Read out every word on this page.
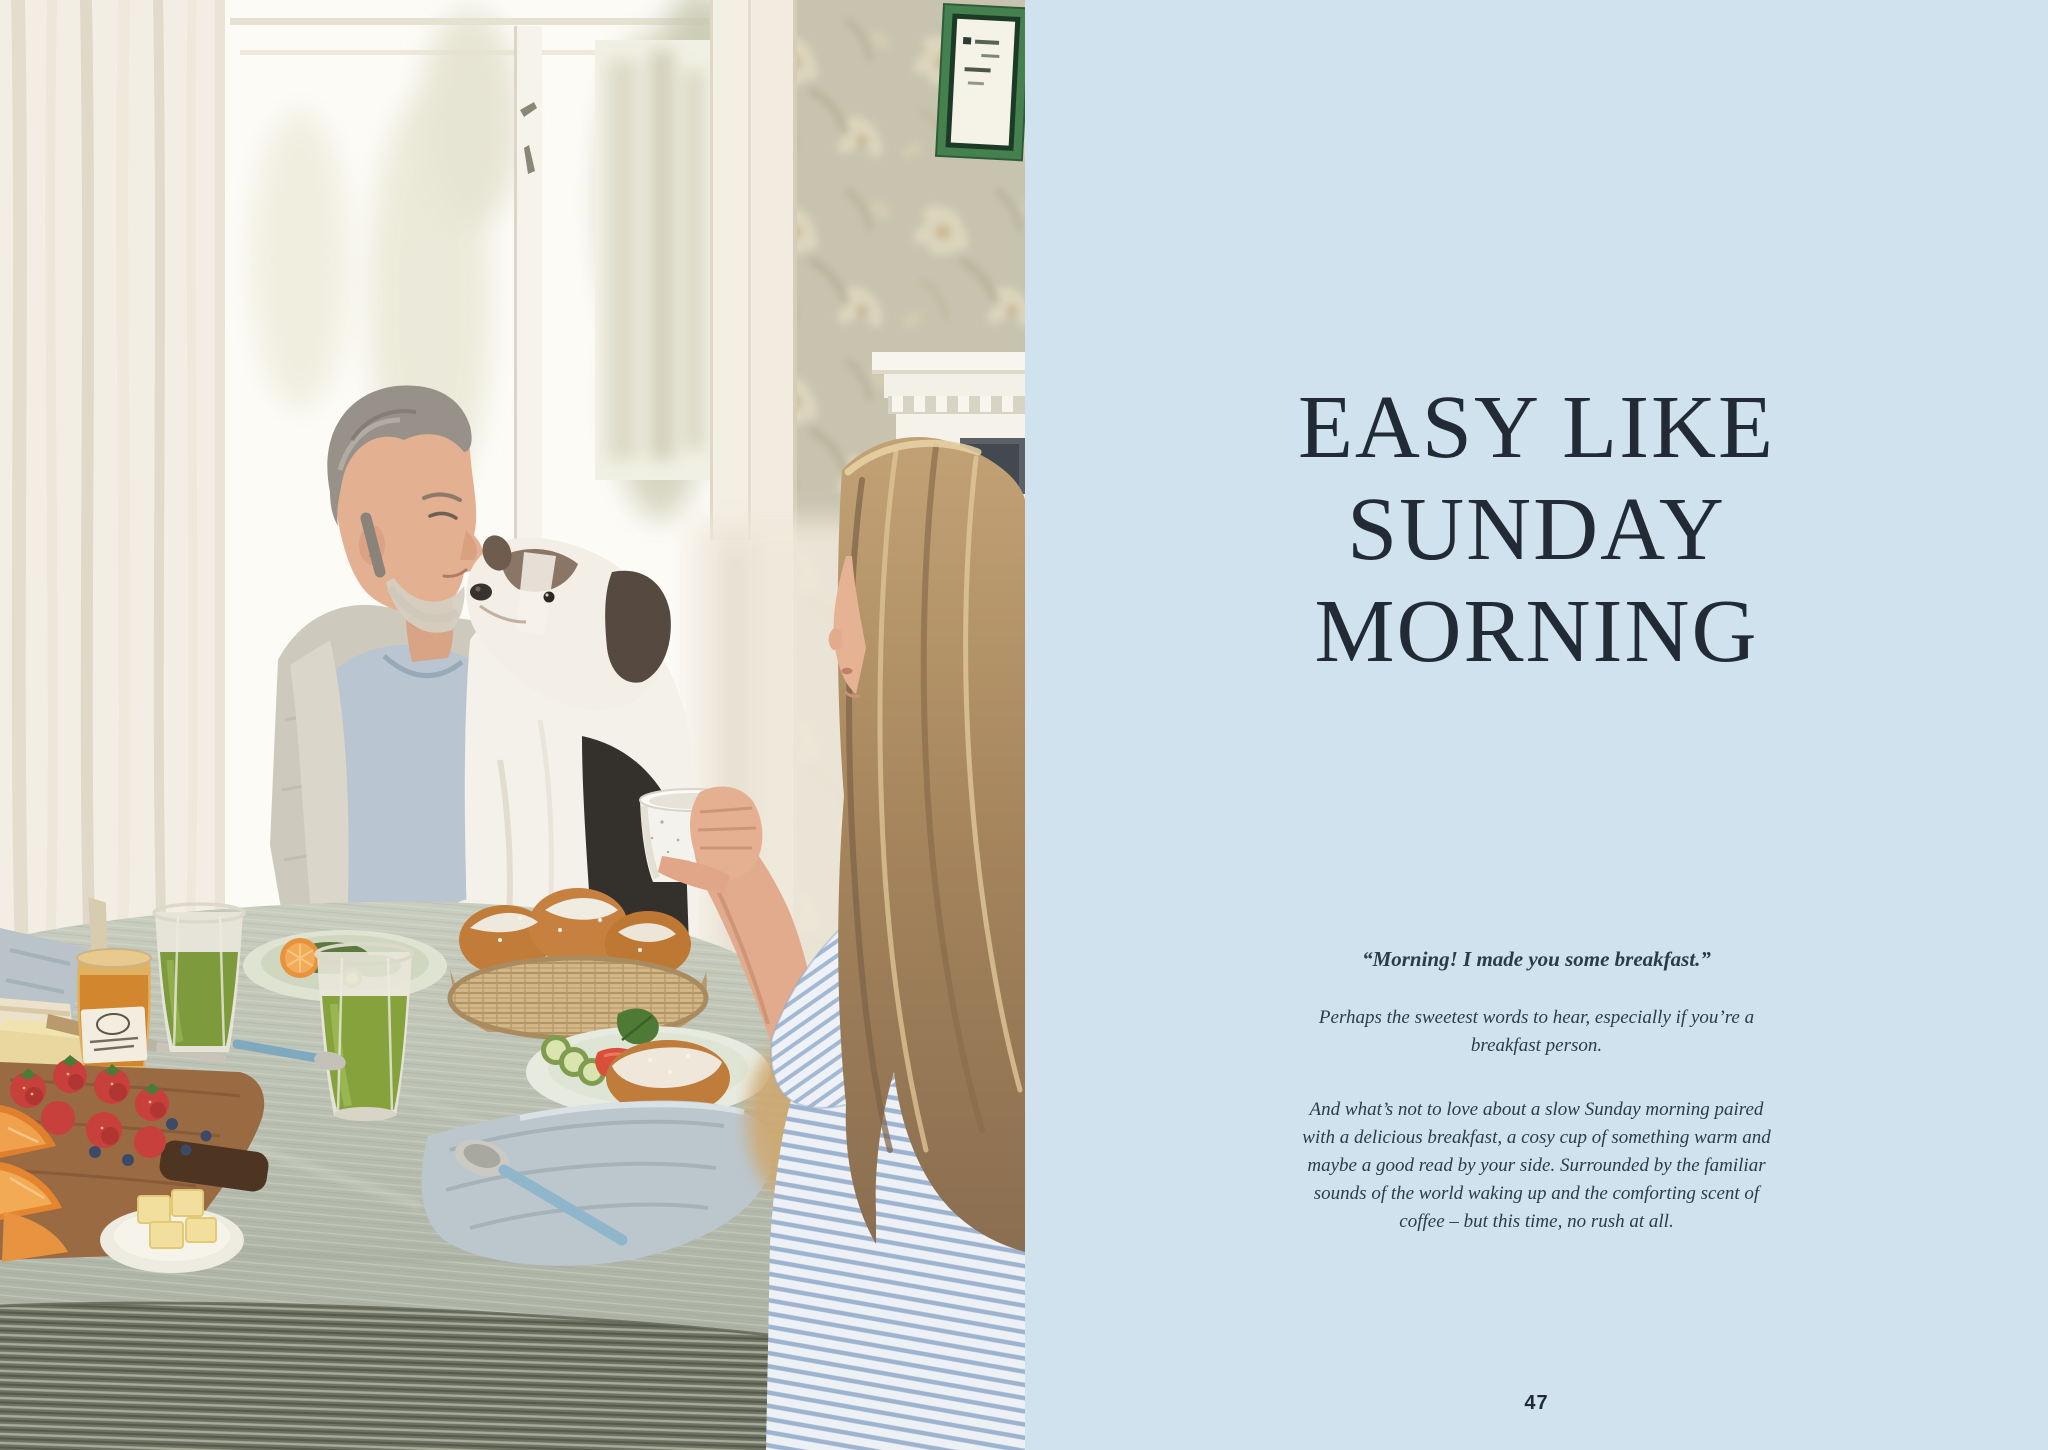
EASY LIKE
SUNDAY
MORNING
“Morning! I made you some breakfast.”
Perhaps the sweetest words to hear, especially if you’re a
breakfast person.
And what’s not to love about a slow Sunday morning paired
with a delicious breakfast, a cosy cup of something warm and
maybe a good read by your side. Surrounded by the familiar
sounds of the world waking up and the comforting scent of
coffee – but this time, no rush at all.
47
